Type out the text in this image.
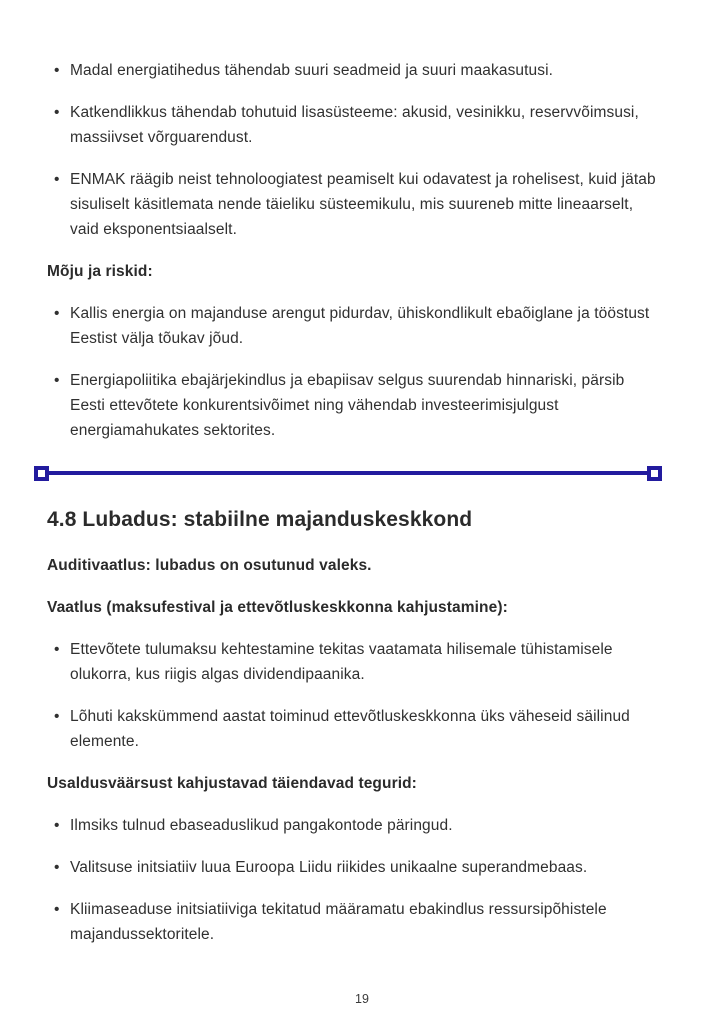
• Madal energiatihedus tähendab suuri seadmeid ja suuri maakasutusi.
• Katkendlikkus tähendab tohutuid lisasüsteeme: akusid, vesinikku, reservvõimsusi, massiivset võrguarendust.
• ENMAK räägib neist tehnoloogiatest peamiselt kui odavatest ja rohelisest, kuid jätab sisuliselt käsitlemata nende täieliku süsteemikulu, mis suureneb mitte lineaarselt, vaid eksponentsiaalselt.

Mõju ja riskid:

• Kallis energia on majanduse arengut pidurdav, ühiskondlikult ebaõiglane ja tööstust Eestist välja tõukav jõud.
• Energiapoliitika ebajärjekindlus ja ebapiisav selgus suurendab hinnariski, pärsib Eesti ettevõtete konkurentsivõimet ning vähendab investeerimisjulgust energiamahukates sektorites.
4.8 Lubadus: stabiilne majanduskeskkond

Auditivaatlus: lubadus on osutunud valeks.

Vaatlus (maksufestival ja ettevõtluskeskkonna kahjustamine):

• Ettevõtete tulumaksu kehtestamine tekitas vaatamata hilisemale tühistamisele olukorra, kus riigis algas dividendipaanika.
• Lõhuti kakskümmend aastat toiminud ettevõtluskeskkonna üks väheseid säilinud elemente.

Usaldusväärsust kahjustavad täiendavad tegurid:

• Ilmsiks tulnud ebaseaduslikud pangakontode päringud.
• Valitsuse initsiatiiv luua Euroopa Liidu riikides unikaalne superandmebaas.
• Kliimaseaduse initsiatiiviga tekitatud määramatu ebakindlus ressursipõhistele majandussektoritele.
19
